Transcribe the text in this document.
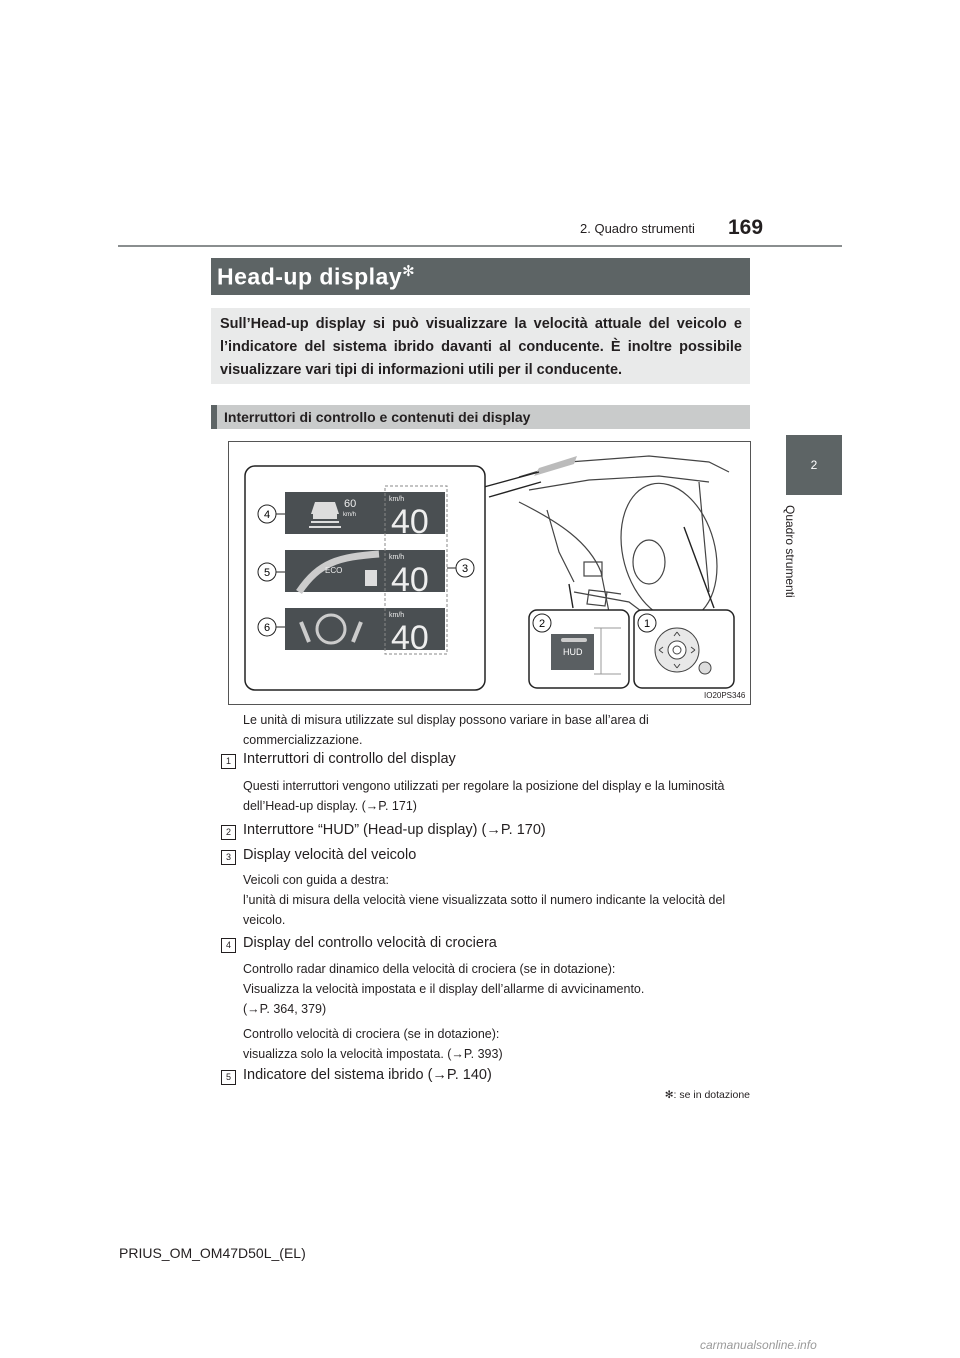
169
2. Quadro strumenti
2
Quadro strumenti
Head-up display✻
Sull’Head-up display si può visualizzare la velocità attuale del veicolo e l’indicatore del sistema ibrido davanti al conducente. È inoltre possibile visualizzare vari tipi di informazioni utili per il conducente.
Interruttori di controllo e contenuti dei display
60
km/h
ECO
km/h
40
km/h
40
km/h
40
4
5
6
3
HUD
2	1
IO20PS346
Le unità di misura utilizzate sul display possono variare in base all’area di commercializzazione.
1 Interruttori di controllo del display
Questi interruttori vengono utilizzati per regolare la posizione del display e la luminosità dell’Head-up display. (→P. 171)
2 Interruttore “HUD” (Head-up display) (→P. 170)
3 Display velocità del veicolo
Veicoli con guida a destra:
l’unità di misura della velocità viene visualizzata sotto il numero indicante la velocità del veicolo.
4 Display del controllo velocità di crociera
Controllo radar dinamico della velocità di crociera (se in dotazione):
Visualizza la velocità impostata e il display dell’allarme di avvicinamento.
(→P. 364, 379)
Controllo velocità di crociera (se in dotazione):
visualizza solo la velocità impostata. (→P. 393)
5 Indicatore del sistema ibrido (→P. 140)
✻: se in dotazione
PRIUS_OM_OM47D50L_(EL)
carmanualsonline.info
